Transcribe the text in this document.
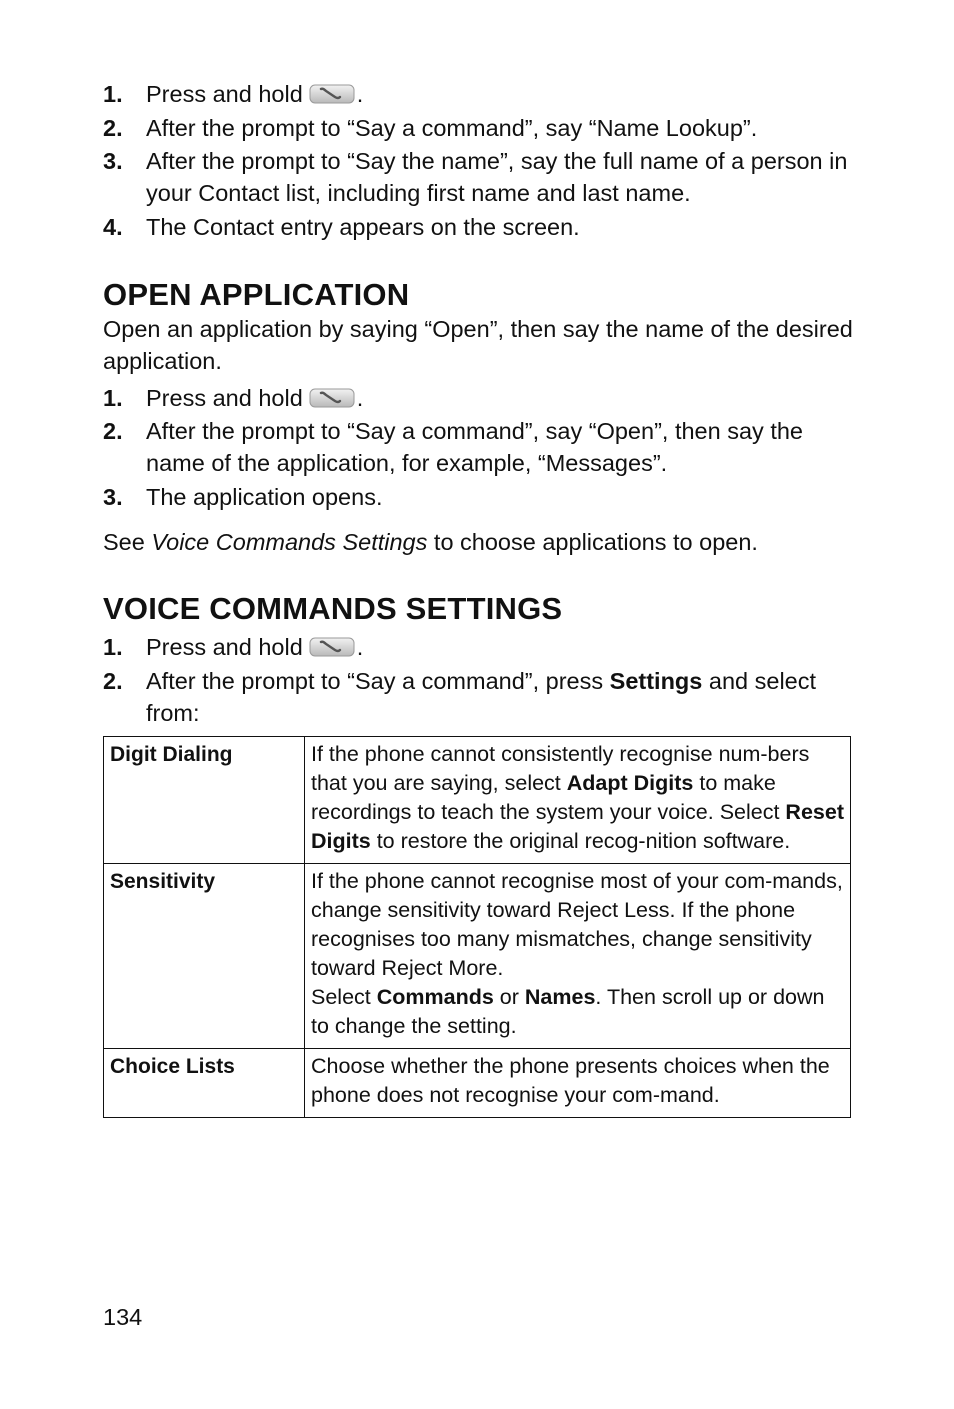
1. Press and hold .
2. After the prompt to “Say a command”, say “Name Lookup”.
3. After the prompt to “Say the name”, say the full name of a person in your Contact list, including first name and last name.
4. The Contact entry appears on the screen.
OPEN APPLICATION

Open an application by saying “Open”, then say the name of the desired application.

1. Press and hold .
2. After the prompt to “Say a command”, say “Open”, then say the name of the application, for example, “Messages”.
3. The application opens.

See Voice Commands Settings to choose applications to open.

VOICE COMMANDS SETTINGS
1. Press and hold .
2. After the prompt to “Say a command”, press Settings and select from:
Digit Dialing	If the phone cannot consistently recognise num-bers that you are saying, select Adapt Digits to make recordings to teach the system your voice. Select Reset Digits to restore the original recog-nition software.
Sensitivity	If the phone cannot recognise most of your com-mands, change sensitivity toward Reject Less. If the phone recognises too many mismatches, change sensitivity toward Reject More.
Select Commands or Names. Then scroll up or down to change the setting.
Choice Lists	Choose whether the phone presents choices when the phone does not recognise your com-mand.
134
